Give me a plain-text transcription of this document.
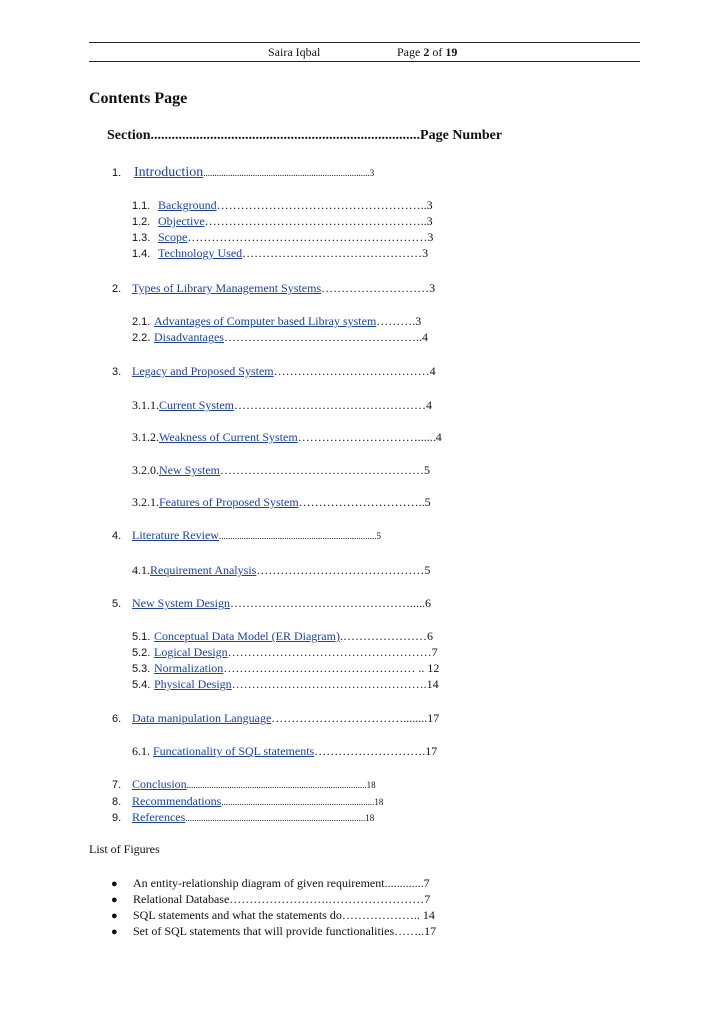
Saira Iqbal	Page 2 of 19
Contents Page
Section.............................................................................Page Number
1. Introduction..........................................................................3
1.1. Background……………………………………………..3
1.2. Objective………………………………………………..3
1.3. Scope……………………………………………………3
1.4. Technology Used………………………………………3
2. Types of Library Management Systems………………………3
2.1. Advantages of Computer based Libray system……….3
2.2. Disadvantages…………………………………………..4
3. Legacy and Proposed System…………………………………4
3.1.1.Current System…………………………………………4
3.1.2.Weakness of Current System…………………………......4
3.2.0.New System……………………………………………5
3.2.1.Features of Proposed System…………………………..5
4. Literature Review......................................................................5
4.1.Requirement Analysis……………………………………5
5. New System Design……………………………………….....6
5.1. Conceptual Data Model (ER Diagram).…………………6
5.2. Logical Design……………………………………………7
5.3. Normalization………………………………………… .. 12
5.4. Physical Design………………………………………….14
6. Data manipulation Language……………………………........17
6.1. Funcationality of SQL statements……………………….17
7. Conclusion................................................................................18
8. Recommendations....................................................................18
9. References................................................................................18
List of Figures
● An entity-relationship diagram of given requirement.............7
● Relational Database…………………….……………………7
● SQL statements and what the statements do……………….. 14
● Set of SQL statements that will provide functionalities……..17
